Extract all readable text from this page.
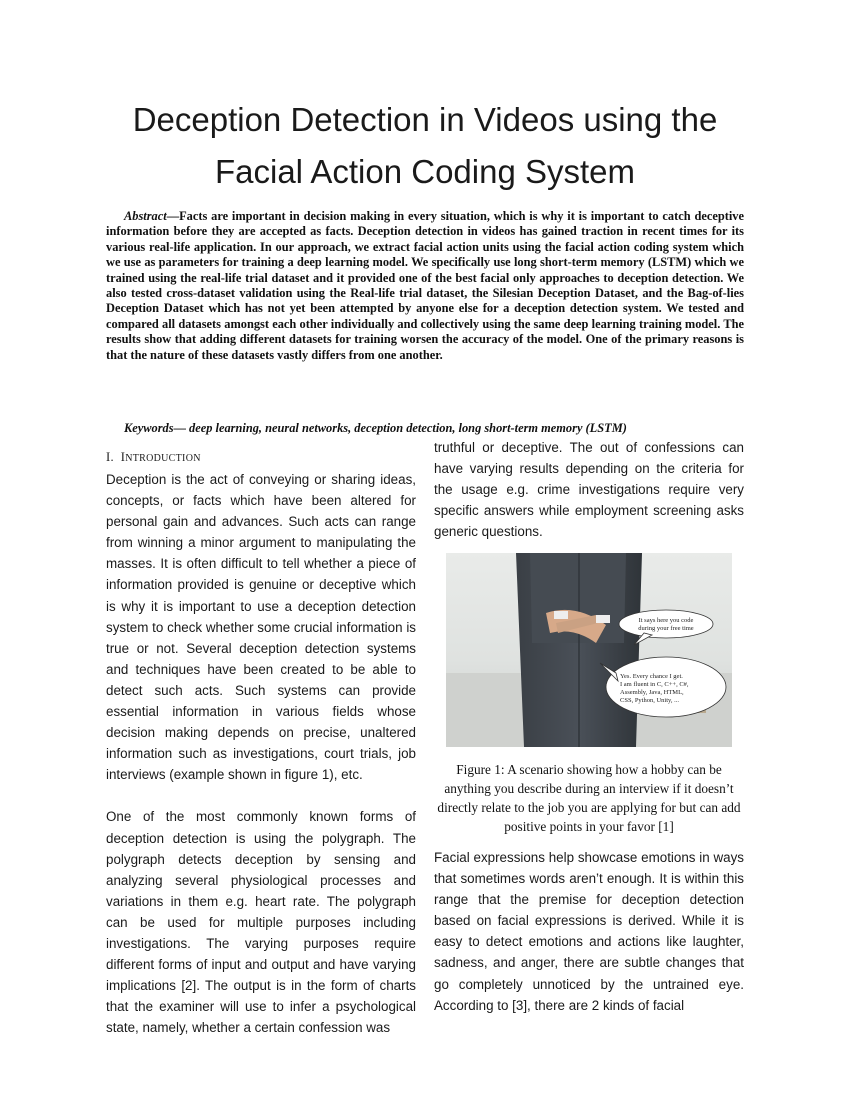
Deception Detection in Videos using the
Facial Action Coding System

Abstract—Facts are important in decision making in every situation, which is why it is important to catch deceptive information before they are accepted as facts. Deception detection in videos has gained traction in recent times for its various real-life application. In our approach, we extract facial action units using the facial action coding system which we use as parameters for training a deep learning model. We specifically use long short-term memory (LSTM) which we trained using the real-life trial dataset and it provided one of the best facial only approaches to deception detection. We also tested cross-dataset validation using the Real-life trial dataset, the Silesian Deception Dataset, and the Bag-of-lies Deception Dataset which has not yet been attempted by anyone else for a deception detection system. We tested and compared all datasets amongst each other individually and collectively using the same deep learning training model. The results show that adding different datasets for training worsen the accuracy of the model. One of the primary reasons is that the nature of these datasets vastly differs from one another.

Keywords— deep learning, neural networks, deception detection, long short-term memory (LSTM)

I. INTRODUCTION

Deception is the act of conveying or sharing ideas, concepts, or facts which have been altered for personal gain and advances. Such acts can range from winning a minor argument to manipulating the masses. It is often difficult to tell whether a piece of information provided is genuine or deceptive which is why it is important to use a deception detection system to check whether some crucial information is true or not. Several deception detection systems and techniques have been created to be able to detect such acts. Such systems can provide essential information in various fields whose decision making depends on precise, unaltered information such as investigations, court trials, job interviews (example shown in figure 1), etc.

One of the most commonly known forms of deception detection is using the polygraph. The polygraph detects deception by sensing and analyzing several physiological processes and variations in them e.g. heart rate. The polygraph can be used for multiple purposes including investigations. The varying purposes require different forms of input and output and have varying implications [2]. The output is in the form of charts that the examiner will use to infer a psychological state, namely, whether a certain confession was

truthful or deceptive. The out of confessions can have varying results depending on the criteria for the usage e.g. crime investigations require very specific answers while employment screening asks generic questions.

It says here you code
during your free time
Yes. Every chance I get.
I am fluent in C, C++, C#,
Assembly, Java, HTML,
CSS, Python, Unity, ...

Figure 1: A scenario showing how a hobby can be anything you describe during an interview if it doesn’t directly relate to the job you are applying for but can add positive points in your favor [1]

Facial expressions help showcase emotions in ways that sometimes words aren’t enough. It is within this range that the premise for deception detection based on facial expressions is derived. While it is easy to detect emotions and actions like laughter, sadness, and anger, there are subtle changes that go completely unnoticed by the untrained eye. According to [3], there are 2 kinds of facial
